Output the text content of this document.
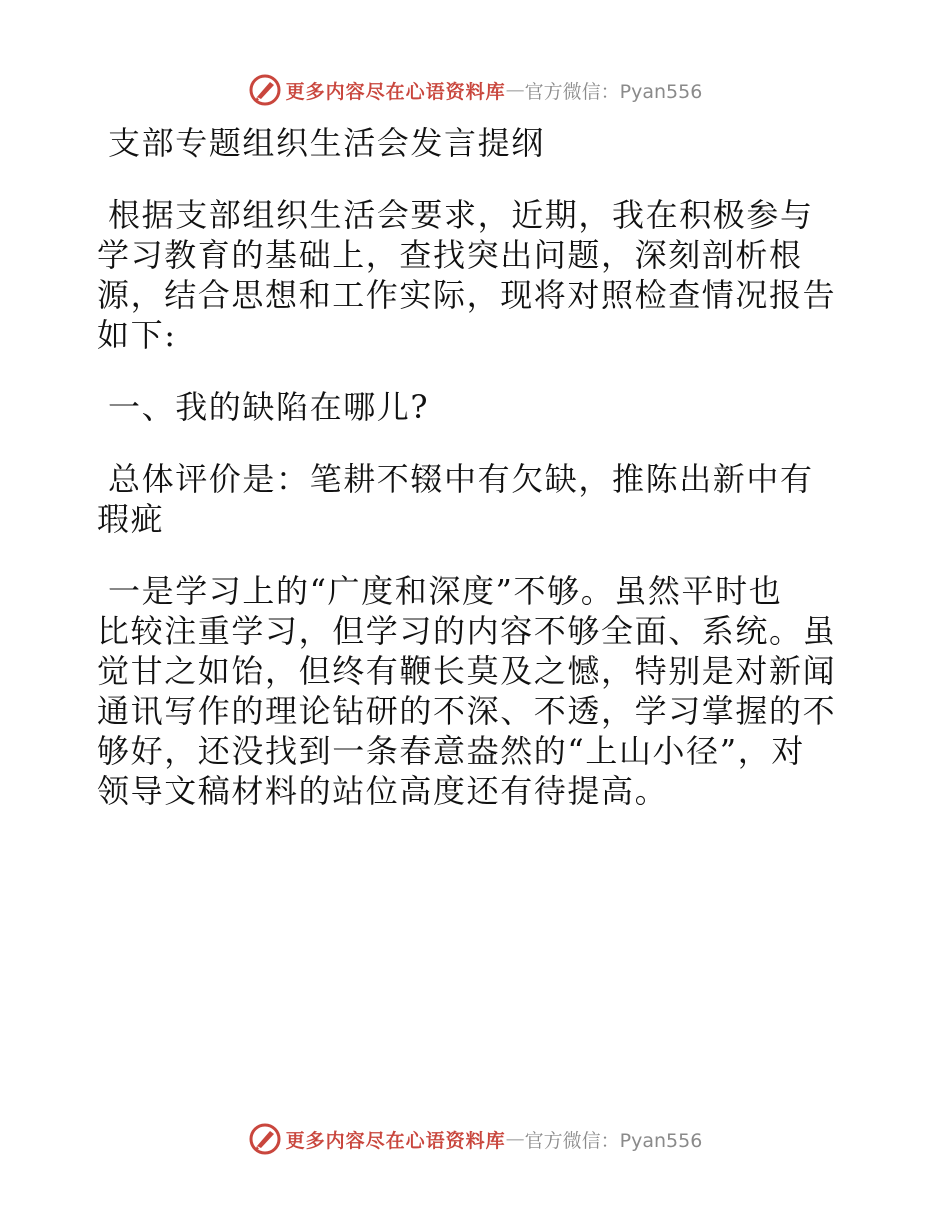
更多内容尽在心语资料库 — 官方微信：Pyan556
支部专题组织生活会发言提纲
根据支部组织生活会要求，近期，我在积极参与
学习教育的基础上，查找突出问题，深刻剖析根
源，结合思想和工作实际，现将对照检查情况报告
如下:
一、我的缺陷在哪儿?
总体评价是：笔耕不辍中有欠缺，推陈出新中有
瑕疵
一是学习上的“广度和深度”不够。虽然平时也
比较注重学习，但学习的内容不够全面、系统。虽
觉甘之如饴，但终有鞭长莫及之憾，特别是对新闻
通讯写作的理论钻研的不深、不透，学习掌握的不
够好，还没找到一条春意盎然的“上山小径”，对
领导文稿材料的站位高度还有待提高。
更多内容尽在心语资料库 — 官方微信：Pyan556
